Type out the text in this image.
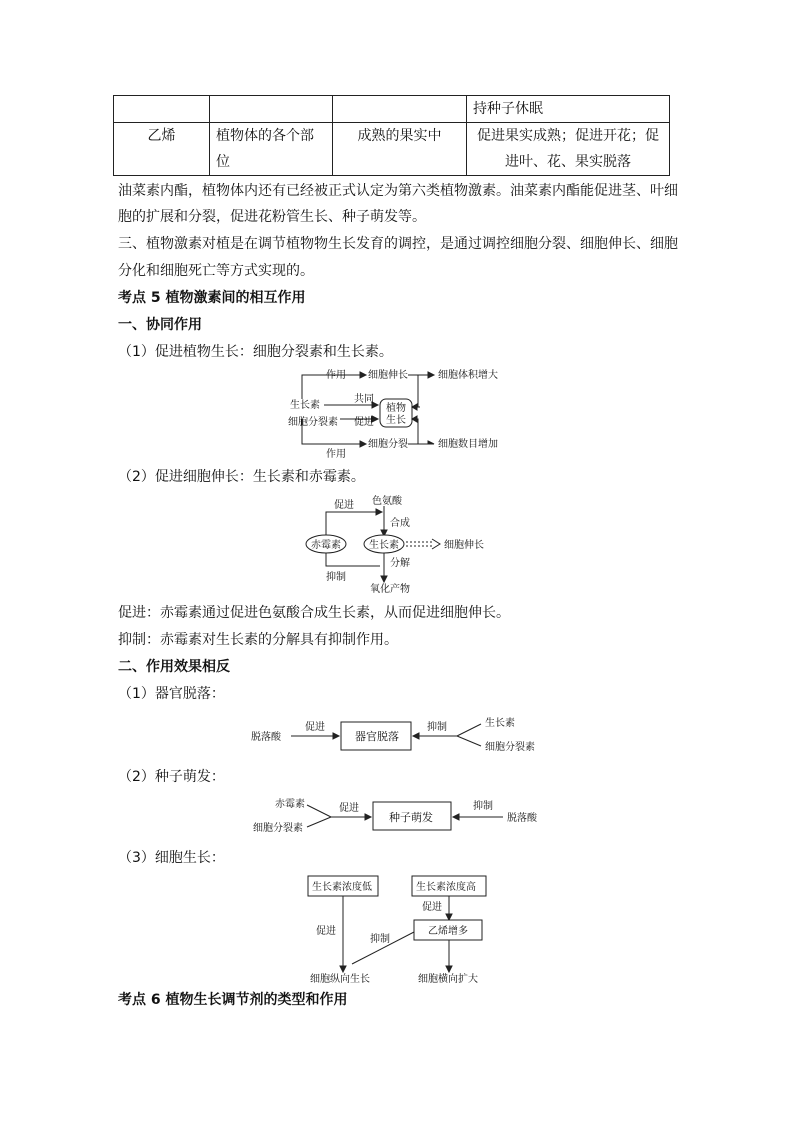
			持种子休眠
乙烯	植物体的各个部位	成熟的果实中	促进果实成熟；促进开花；促进叶、花、果实脱落
油菜素内酯，植物体内还有已经被正式认定为第六类植物激素。油菜素内酯能促进茎、叶细
胞的扩展和分裂，促进花粉管生长、种子萌发等。
三、植物激素对植是在调节植物物生长发育的调控，是通过调控细胞分裂、细胞伸长、细胞
分化和细胞死亡等方式实现的。
考点 5 植物激素间的相互作用
一、协同作用
（1）促进植物生长：细胞分裂素和生长素。
作用 细胞伸长	细胞体积增大
生长素
共同
植物
生长
细胞分裂素 促进
细胞分裂	细胞数目增加
作用
（2）促进细胞伸长：生长素和赤霉素。
色氨酸
促进
合成
赤霉素	生长素	细胞伸长
分解
抑制
氧化产物
促进：赤霉素通过促进色氨酸合成生长素，从而促进细胞伸长。
抑制：赤霉素对生长素的分解具有抑制作用。
二、作用效果相反
（1）器官脱落：
脱落酸
促进
器官脱落
抑制	生长素
细胞分裂素
（2）种子萌发：
赤霉素
细胞分裂素
促进
种子萌发
抑制
脱落酸
（3）细胞生长：
生长素浓度低	生长素浓度高
促进
乙烯增多
促进
抑制
细胞纵向生长	细胞横向扩大
考点 6 植物生长调节剂的类型和作用
